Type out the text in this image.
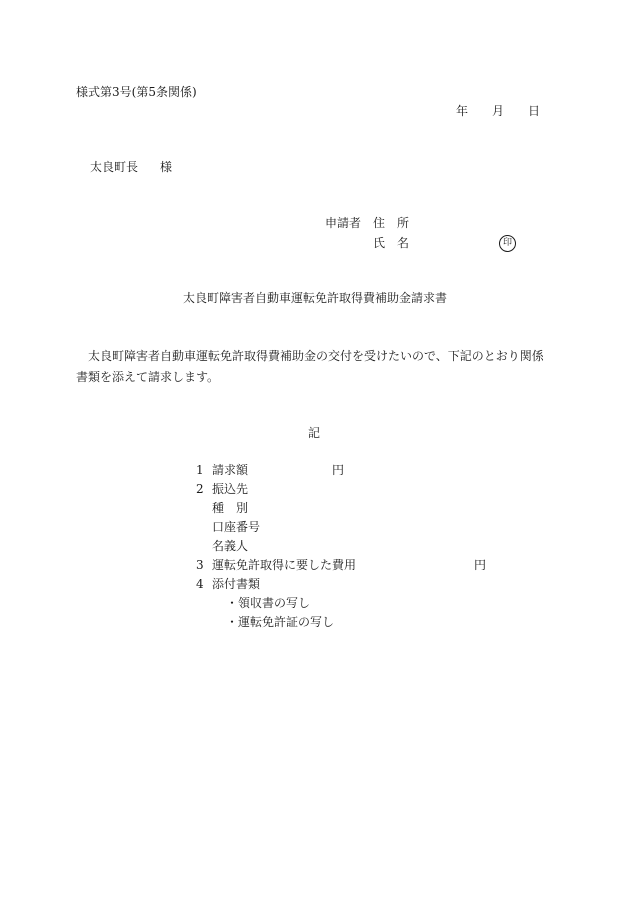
様式第3号(第5条関係)
年 月 日
太良町長 様
申請者 住　所
氏　名	印
太良町障害者自動車運転免許取得費補助金請求書
太良町障害者自動車運転免許取得費補助金の交付を受けたいので、下記のとおり関係書類を添えて請求します。
記
1 請求額	円
2 振込先
種　別
口座番号
名義人
3 運転免許取得に要した費用	円
4 添付書類
・領収書の写し
・運転免許証の写し
